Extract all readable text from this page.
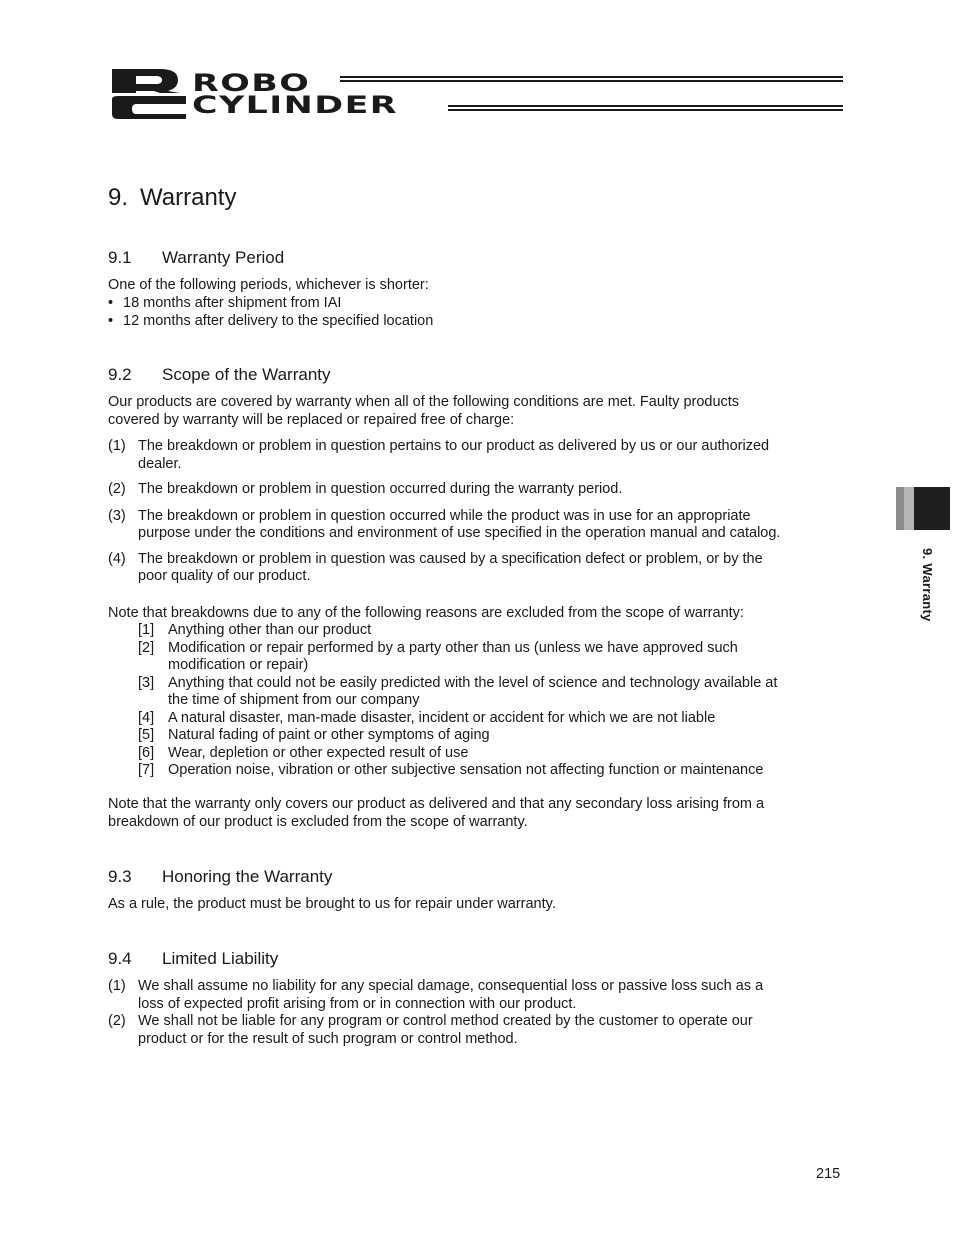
ROBO
CYLINDER
9. Warranty
9.1 Warranty Period

One of the following periods, whichever is shorter:

• 18 months after shipment from IAI
• 12 months after delivery to the specified location
9.2 Scope of the Warranty

Our products are covered by warranty when all of the following conditions are met. Faulty products

covered by warranty will be replaced or repaired free of charge:

(1) The breakdown or problem in question pertains to our product as delivered by us or our authorized
dealer.
(2) The breakdown or problem in question occurred during the warranty period.
(3) The breakdown or problem in question occurred while the product was in use for an appropriate
purpose under the conditions and environment of use specified in the operation manual and catalog.
(4) The breakdown or problem in question was caused by a specification defect or problem, or by the
poor quality of our product.

Note that breakdowns due to any of the following reasons are excluded from the scope of warranty:

[1] Anything other than our product
[2] Modification or repair performed by a party other than us (unless we have approved such
modification or repair)
[3] Anything that could not be easily predicted with the level of science and technology available at
the time of shipment from our company
[4] A natural disaster, man-made disaster, incident or accident for which we are not liable
[5] Natural fading of paint or other symptoms of aging
[6] Wear, depletion or other expected result of use
[7] Operation noise, vibration or other subjective sensation not affecting function or maintenance

Note that the warranty only covers our product as delivered and that any secondary loss arising from a

breakdown of our product is excluded from the scope of warranty.

9.3 Honoring the Warranty

As a rule, the product must be brought to us for repair under warranty.

9.4 Limited Liability
(1) We shall assume no liability for any special damage, consequential loss or passive loss such as a
loss of expected profit arising from or in connection with our product.
(2) We shall not be liable for any program or control method created by the customer to operate our
product or for the result of such program or control method.
9. Warranty
215
